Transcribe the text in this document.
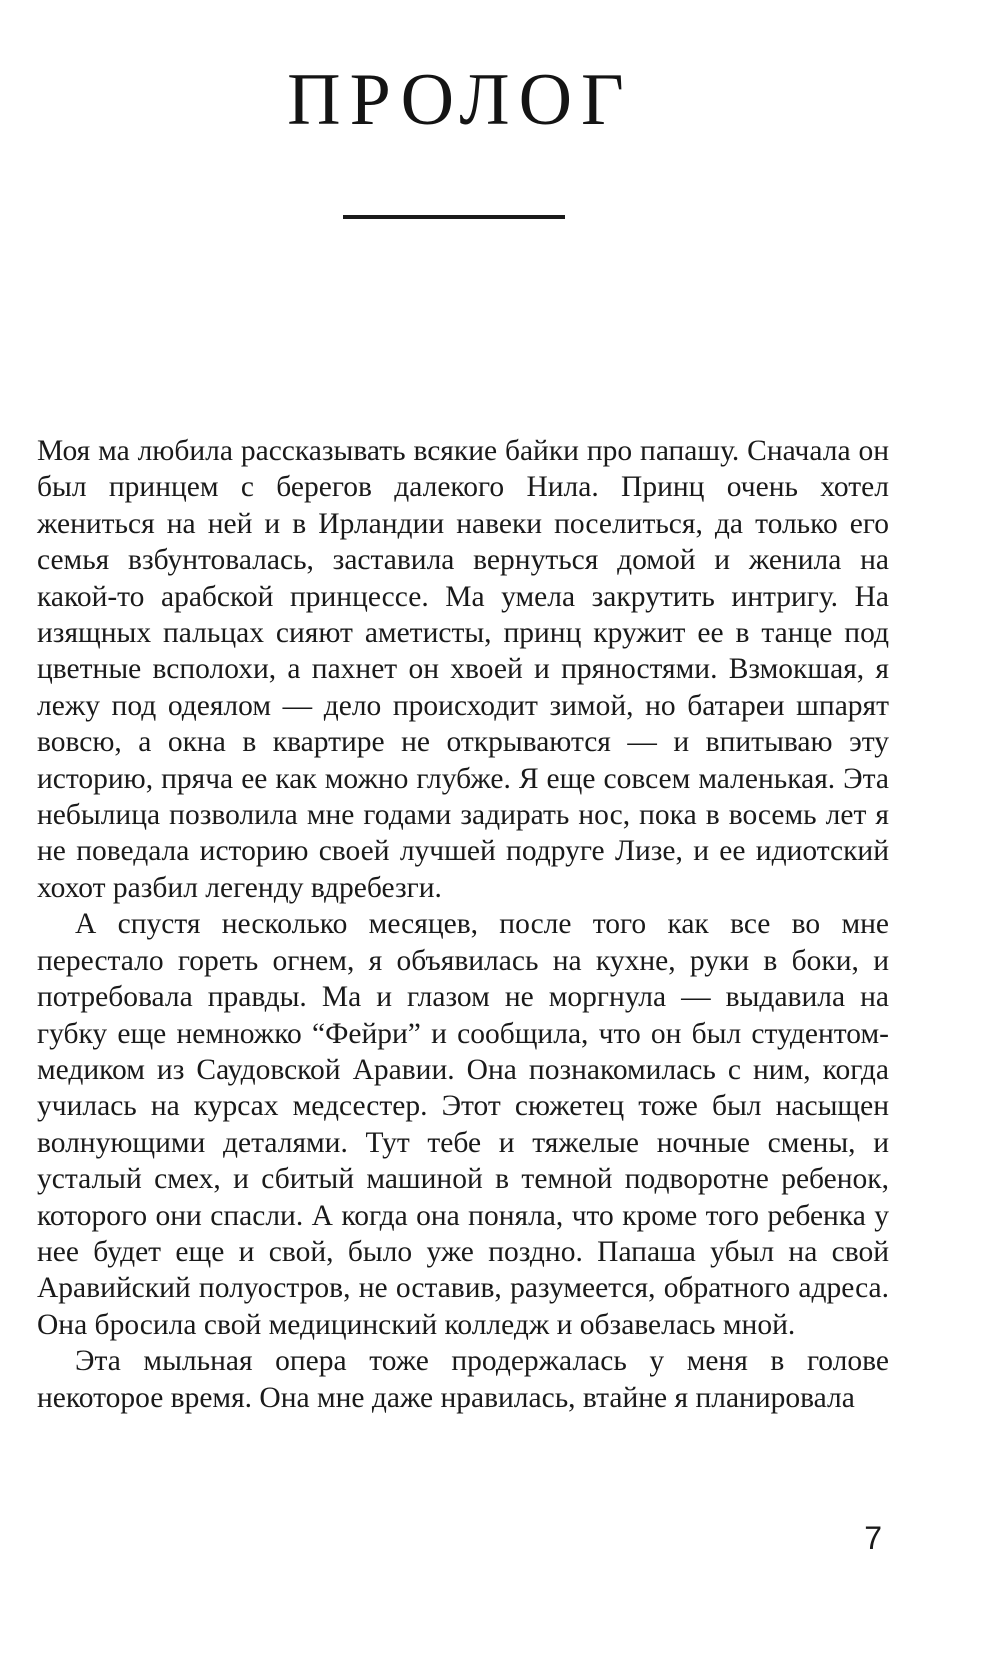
ПРОЛОГ

Моя ма любила рассказывать всякие байки про папашу. Сначала он был принцем с берегов далекого Нила. Принц очень хотел жениться на ней и в Ирландии навеки поселиться, да только его семья взбунтовалась, заставила вернуться домой и женила на какой-то арабской принцессе. Ма умела закрутить интригу. На изящных пальцах сияют аметисты, принц кружит ее в танце под цветные всполохи, а пахнет он хвоей и пряностями. Взмокшая, я лежу под одеялом — дело происходит зимой, но батареи шпарят вовсю, а окна в квартире не открываются — и впитываю эту историю, пряча ее как можно глубже. Я еще совсем маленькая. Эта небылица позволила мне годами задирать нос, пока в восемь лет я не поведала историю своей лучшей подруге Лизе, и ее идиотский хохот разбил легенду вдребезги.

А спустя несколько месяцев, после того как все во мне перестало гореть огнем, я объявилась на кухне, руки в боки, и потребовала правды. Ма и глазом не моргнула — выдавила на губку еще немножко “Фейри” и сообщила, что он был студентом-медиком из Саудовской Аравии. Она познакомилась с ним, когда училась на курсах медсестер. Этот сюжетец тоже был насыщен волнующими деталями. Тут тебе и тяжелые ночные смены, и усталый смех, и сбитый машиной в темной подворотне ребенок, которого они спасли. А когда она поняла, что кроме того ребенка у нее будет еще и свой, было уже поздно. Папаша убыл на свой Аравийский полуостров, не оставив, разумеется, обратного адреса. Она бросила свой медицинский колледж и обзавелась мной.

Эта мыльная опера тоже продержалась у меня в голове некоторое время. Она мне даже нравилась, втайне я планировала

7
